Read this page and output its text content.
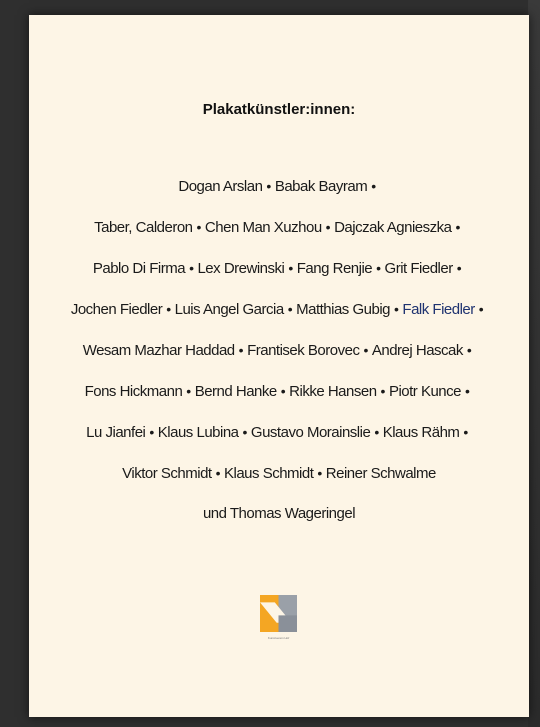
Plakatkünstler:innen:
Dogan Arslan • Babak Bayram •
Taber, Calderon • Chen Man Xuzhou • Dajczak Agnieszka •
Pablo Di Firma • Lex Drewinski • Fang Renjie • Grit Fiedler •
Jochen Fiedler • Luis Angel Garcia • Matthias Gubig • Falk Fiedler •
Wesam Mazhar Haddad • Frantisek Borovec • Andrej Hascak •
Fons Hickmann • Bernd Hanke • Rikke Hansen • Piotr Kunce •
Lu Jianfei • Klaus Lubina • Gustavo Morainslie • Klaus Rähm •
Viktor Schmidt • Klaus Schmidt • Reiner Schwalme
und Thomas Wageringel
Kunstverein Hof
